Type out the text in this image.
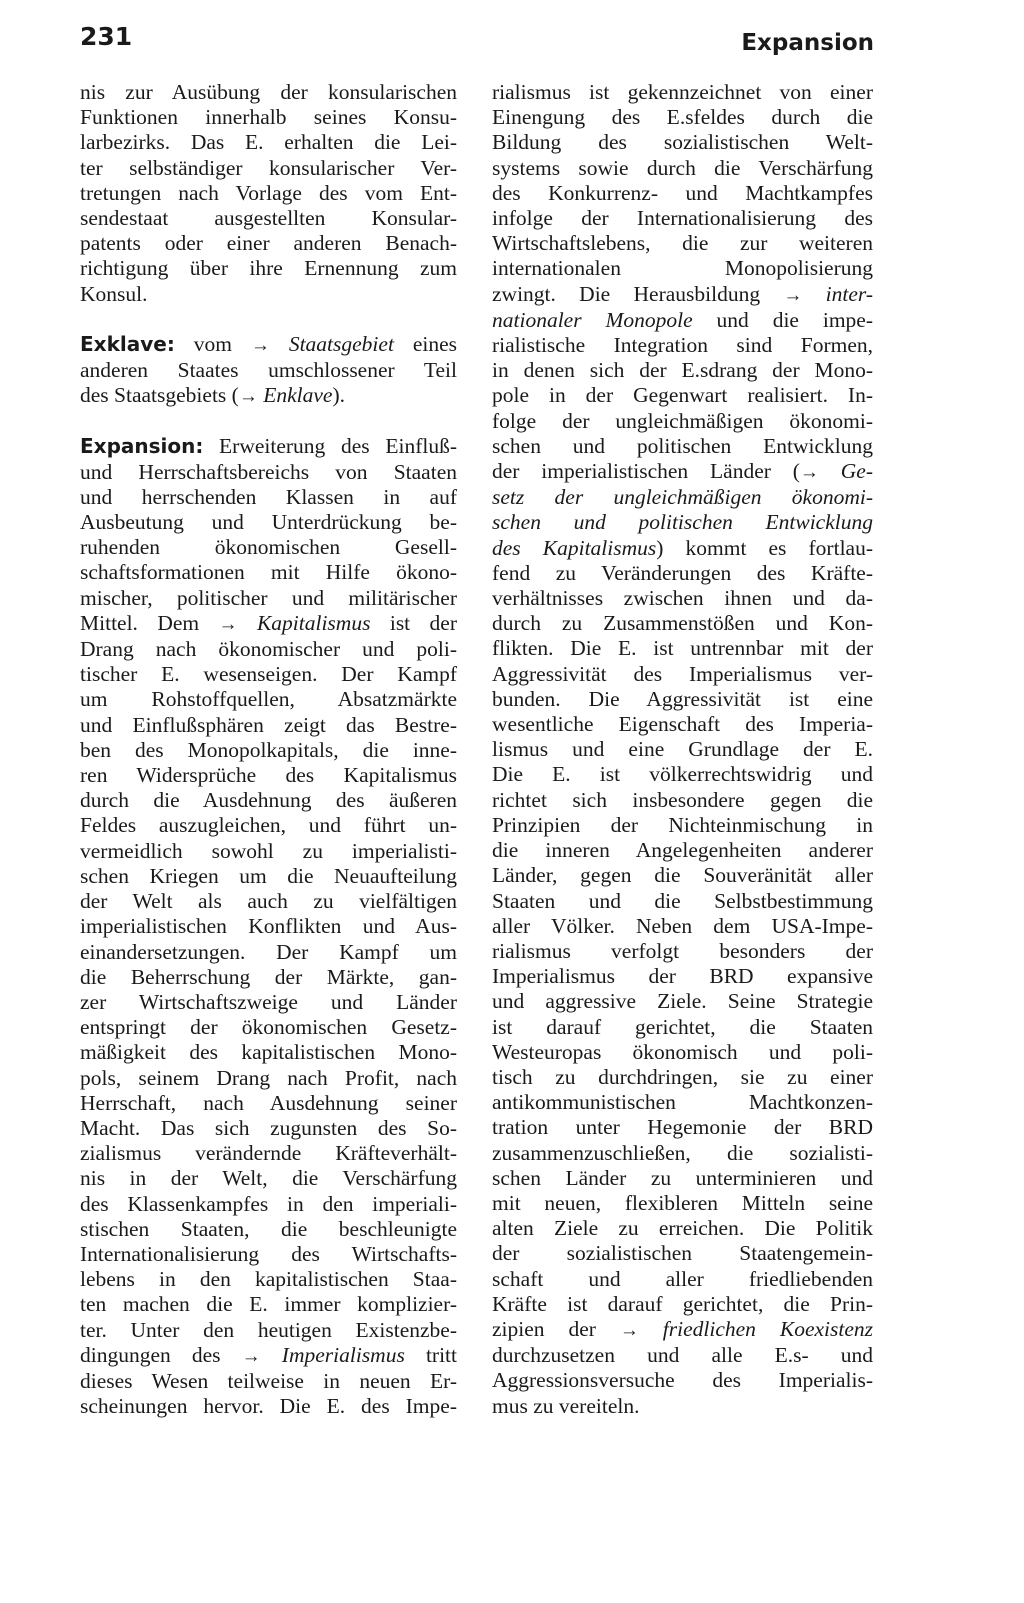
231	Expansion
nis zur Ausübung der konsularischen
Funktionen innerhalb seines Konsu-
larbezirks. Das E. erhalten die Lei-
ter selbständiger konsularischer Ver-
tretungen nach Vorlage des vom Ent-
sendestaat ausgestellten Konsular-
patents oder einer anderen Benach-
richtigung über ihre Ernennung zum
Konsul.
Exklave: vom → Staatsgebiet eines
anderen Staates umschlossener Teil
des Staatsgebiets (→ Enklave).
Expansion: Erweiterung des Einfluß-
und Herrschaftsbereichs von Staaten
und herrschenden Klassen in auf
Ausbeutung und Unterdrückung be-
ruhenden ökonomischen Gesell-
schaftsformationen mit Hilfe ökono-
mischer, politischer und militärischer
Mittel. Dem → Kapitalismus ist der
Drang nach ökonomischer und poli-
tischer E. wesenseigen. Der Kampf
um Rohstoffquellen, Absatzmärkte
und Einflußsphären zeigt das Bestre-
ben des Monopolkapitals, die inne-
ren Widersprüche des Kapitalismus
durch die Ausdehnung des äußeren
Feldes auszugleichen, und führt un-
vermeidlich sowohl zu imperialisti-
schen Kriegen um die Neuaufteilung
der Welt als auch zu vielfältigen
imperialistischen Konflikten und Aus-
einandersetzungen. Der Kampf um
die Beherrschung der Märkte, gan-
zer Wirtschaftszweige und Länder
entspringt der ökonomischen Gesetz-
mäßigkeit des kapitalistischen Mono-
pols, seinem Drang nach Profit, nach
Herrschaft, nach Ausdehnung seiner
Macht. Das sich zugunsten des So-
zialismus verändernde Kräfteverhält-
nis in der Welt, die Verschärfung
des Klassenkampfes in den imperiali-
stischen Staaten, die beschleunigte
Internationalisierung des Wirtschafts-
lebens in den kapitalistischen Staa-
ten machen die E. immer komplizier-
ter. Unter den heutigen Existenzbe-
dingungen des → Imperialismus tritt
dieses Wesen teilweise in neuen Er-
scheinungen hervor. Die E. des Impe-
rialismus ist gekennzeichnet von einer
Einengung des E.sfeldes durch die
Bildung des sozialistischen Welt-
systems sowie durch die Verschärfung
des Konkurrenz- und Machtkampfes
infolge der Internationalisierung des
Wirtschaftslebens, die zur weiteren
internationalen Monopolisierung
zwingt. Die Herausbildung → inter-
nationaler Monopole und die impe-
rialistische Integration sind Formen,
in denen sich der E.sdrang der Mono-
pole in der Gegenwart realisiert. In-
folge der ungleichmäßigen ökonomi-
schen und politischen Entwicklung
der imperialistischen Länder (→ Ge-
setz der ungleichmäßigen ökonomi-
schen und politischen Entwicklung
des Kapitalismus) kommt es fortlau-
fend zu Veränderungen des Kräfte-
verhältnisses zwischen ihnen und da-
durch zu Zusammenstößen und Kon-
flikten. Die E. ist untrennbar mit der
Aggressivität des Imperialismus ver-
bunden. Die Aggressivität ist eine
wesentliche Eigenschaft des Imperia-
lismus und eine Grundlage der E.
Die E. ist völkerrechtswidrig und
richtet sich insbesondere gegen die
Prinzipien der Nichteinmischung in
die inneren Angelegenheiten anderer
Länder, gegen die Souveränität aller
Staaten und die Selbstbestimmung
aller Völker. Neben dem USA-Impe-
rialismus verfolgt besonders der
Imperialismus der BRD expansive
und aggressive Ziele. Seine Strategie
ist darauf gerichtet, die Staaten
Westeuropas ökonomisch und poli-
tisch zu durchdringen, sie zu einer
antikommunistischen Machtkonzen-
tration unter Hegemonie der BRD
zusammenzuschließen, die sozialisti-
schen Länder zu unterminieren und
mit neuen, flexibleren Mitteln seine
alten Ziele zu erreichen. Die Politik
der sozialistischen Staatengemein-
schaft und aller friedliebenden
Kräfte ist darauf gerichtet, die Prin-
zipien der → friedlichen Koexistenz
durchzusetzen und alle E.s- und
Aggressionsversuche des Imperialis-
mus zu vereiteln.
